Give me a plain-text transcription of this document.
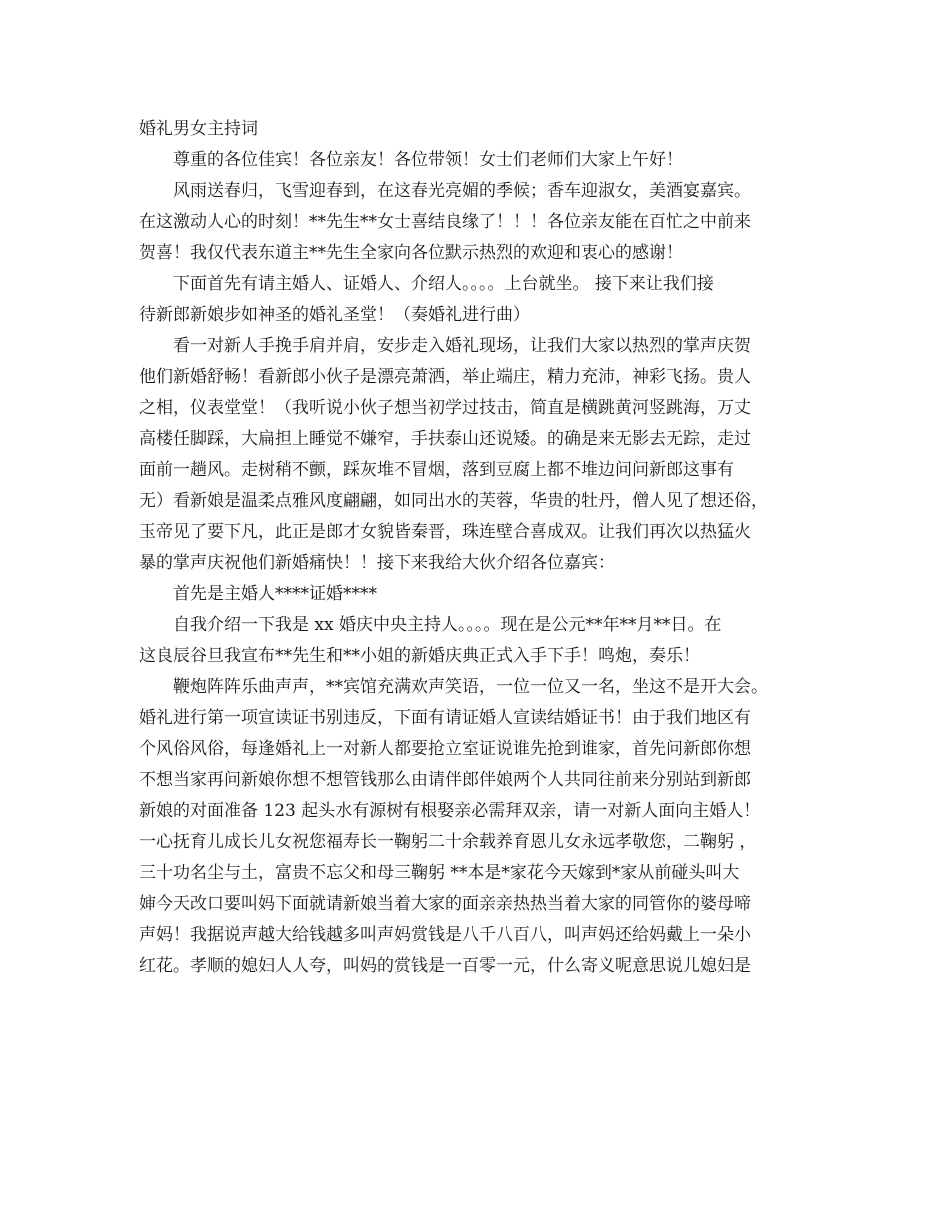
婚礼男女主持词
尊重的各位佳宾！各位亲友！各位带领！女士们老师们大家上午好！
风雨送春归，飞雪迎春到，在这春光亮媚的季候；香车迎淑女，美酒宴嘉宾。
在这激动人心的时刻！**先生**女士喜结良缘了！！！各位亲友能在百忙之中前来
贺喜！我仅代表东道主**先生全家向各位默示热烈的欢迎和衷心的感谢！
下面首先有请主婚人、证婚人、介绍人。。。。上台就坐。 接下来让我们接
待新郎新娘步如神圣的婚礼圣堂！（奏婚礼进行曲）
看一对新人手挽手肩并肩，安步走入婚礼现场，让我们大家以热烈的掌声庆贺
他们新婚舒畅！看新郎小伙子是漂亮萧洒，举止端庄，精力充沛，神彩飞扬。贵人
之相，仪表堂堂！（我听说小伙子想当初学过技击，简直是横跳黄河竖跳海，万丈
高楼任脚踩，大扁担上睡觉不嫌窄，手扶泰山还说矮。的确是来无影去无踪，走过
面前一趟风。走树稍不颤，踩灰堆不冒烟，落到豆腐上都不堆边问问新郎这事有
无）看新娘是温柔点雅风度翩翩，如同出水的芙蓉，华贵的牡丹，僧人见了想还俗，
玉帝见了要下凡，此正是郎才女貌皆秦晋，珠连壁合喜成双。让我们再次以热猛火
暴的掌声庆祝他们新婚痛快！！接下来我给大伙介绍各位嘉宾：
首先是主婚人****证婚****
自我介绍一下我是 xx 婚庆中央主持人。。。。现在是公元**年**月**日。在
这良辰谷旦我宣布**先生和**小姐的新婚庆典正式入手下手！鸣炮，奏乐！
鞭炮阵阵乐曲声声，**宾馆充满欢声笑语，一位一位又一名，坐这不是开大会。
婚礼进行第一项宣读证书别违反，下面有请证婚人宣读结婚证书！由于我们地区有
个风俗风俗，每逢婚礼上一对新人都要抢立室证说谁先抢到谁家，首先问新郎你想
不想当家再问新娘你想不想管钱那么由请伴郎伴娘两个人共同往前来分别站到新郎
新娘的对面准备 123 起头水有源树有根娶亲必需拜双亲，请一对新人面向主婚人！
一心抚育儿成长儿女祝您福寿长一鞠躬二十余载养育恩儿女永远孝敬您，二鞠躬 ，
三十功名尘与土，富贵不忘父和母三鞠躬 **本是*家花今天嫁到*家从前碰头叫大
婶今天改口要叫妈下面就请新娘当着大家的面亲亲热热当着大家的同管你的婆母啼
声妈！我据说声越大给钱越多叫声妈赏钱是八千八百八，叫声妈还给妈戴上一朵小
红花。孝顺的媳妇人人夸，叫妈的赏钱是一百零一元，什么寄义呢意思说儿媳妇是
